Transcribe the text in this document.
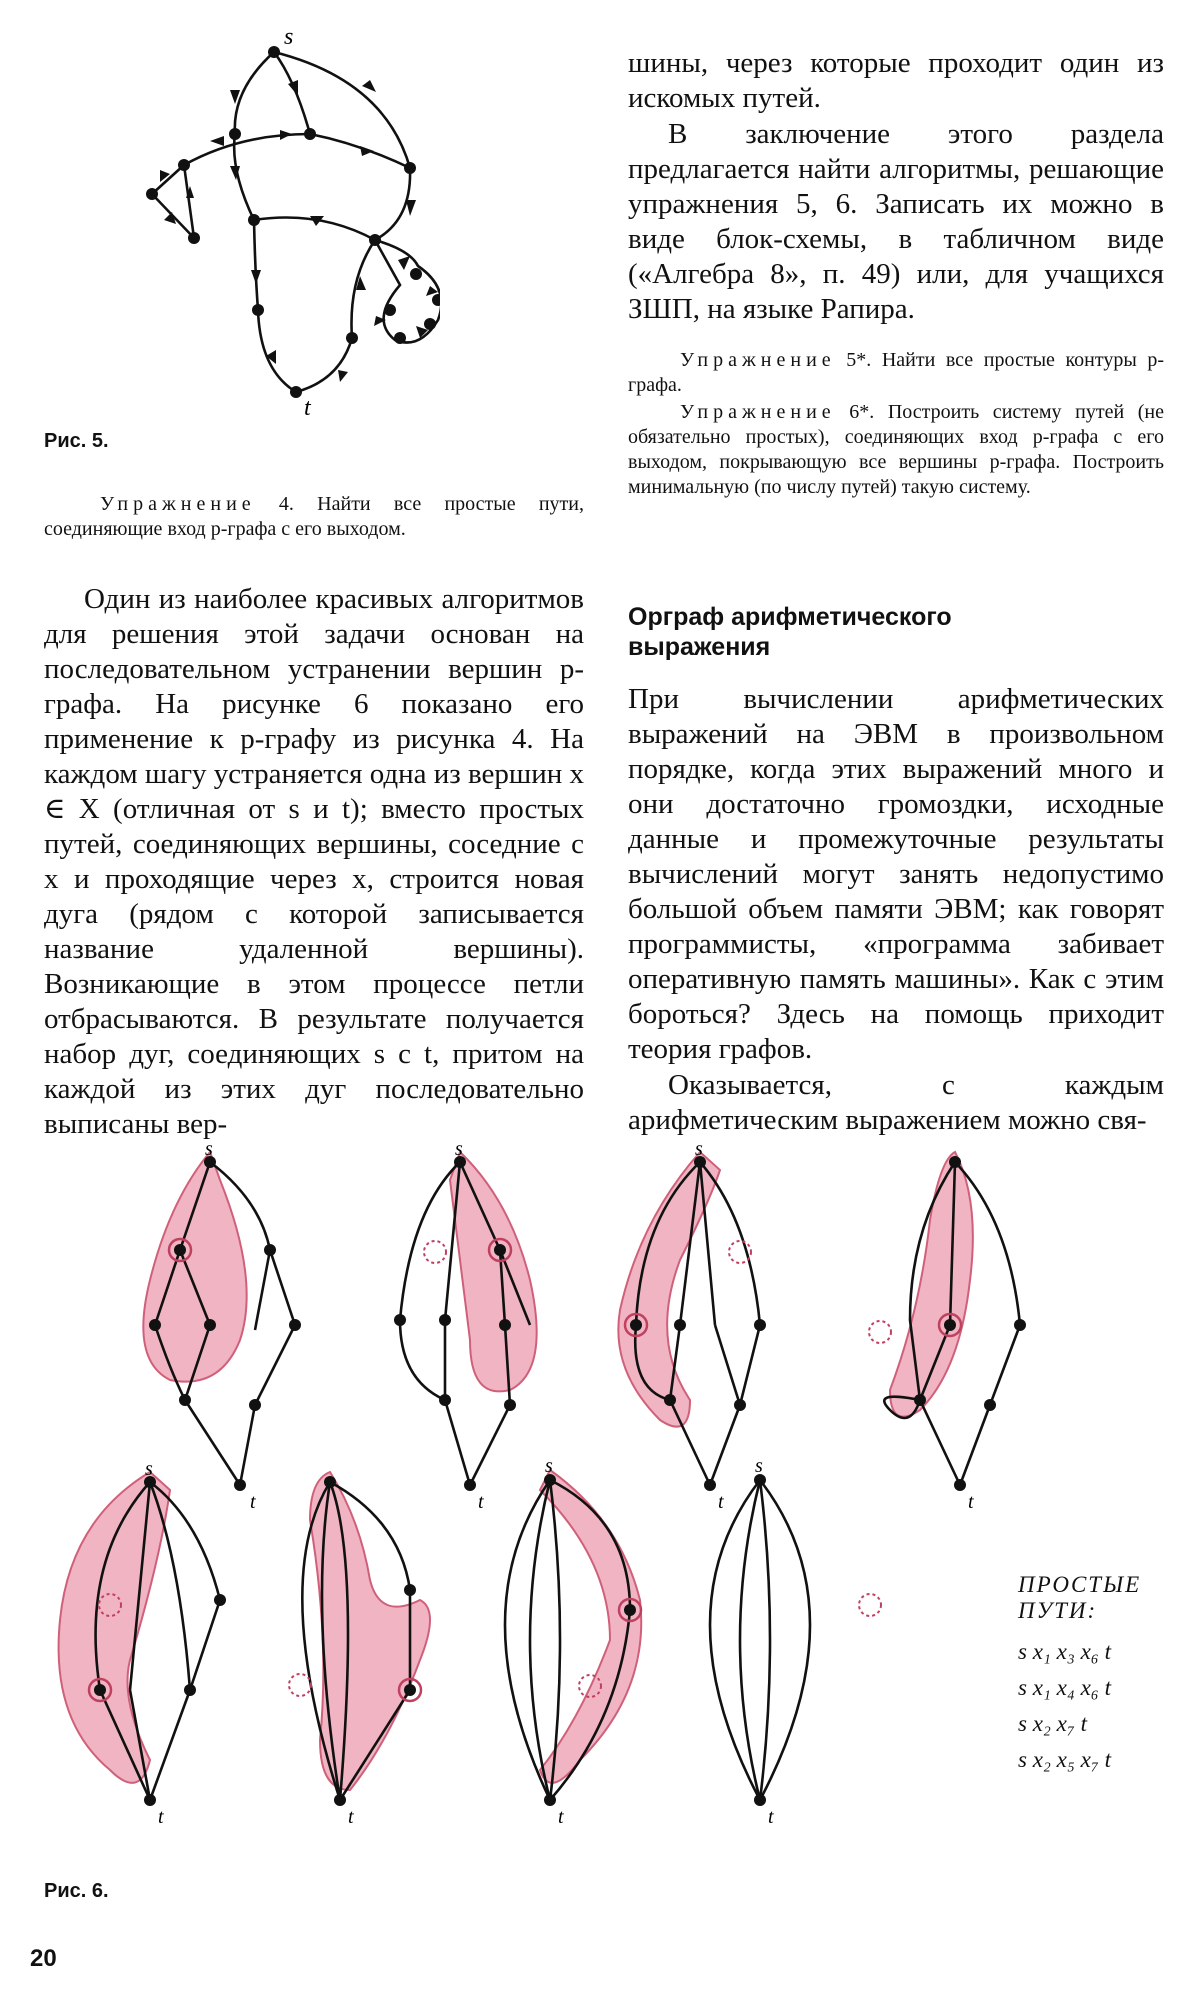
s
t
Рис. 5.
Упражнение 4. Найти все простые пути, соединяющие вход p-графа с его выходом.
Один из наиболее красивых алгоритмов для решения этой задачи основан на последовательном устранении вершин p-графа. На рисунке 6 показано его применение к p-графу из рисунка 4. На каждом шагу устраняется одна из вершин x ∈ X (отличная от s и t); вместо простых путей, соединяющих вершины, соседние с x и проходящие через x, строится новая дуга (рядом с которой записывается название удаленной вершины). Возникающие в этом процессе петли отбрасываются. В результате получается набор дуг, соединяющих s с t, притом на каждой из этих дуг последовательно выписаны вер-
шины, через которые проходит один из искомых путей.
В заключение этого раздела предлагается найти алгоритмы, решающие упражнения 5, 6. Записать их можно в виде блок-схемы, в табличном виде («Алгебра 8», п. 49) или, для учащихся ЗШП, на языке Рапира.
Упражнение 5*. Найти все простые контуры p-графа.
Упражнение 6*. Построить систему путей (не обязательно простых), соединяющих вход p-графа с его выходом, покрывающую все вершины p-графа. Построить минимальную (по числу путей) такую систему.
Орграф арифметического выражения
При вычислении арифметических выражений на ЭВМ в произвольном порядке, когда этих выражений много и они достаточно громоздки, исходные данные и промежуточные результаты вычислений могут занять недопустимо большой объем памяти ЭВМ; как говорят программисты, «программа забивает оперативную память машины». Как с этим бороться? Здесь на помощь приходит теория графов.
Оказывается, с каждым арифметическим выражением можно свя-
s
t
s
t
s
t	t
s
t	t
s
t
s
t
ПРОСТЫЕ ПУТИ:
s x₁ x₃ x₆ t
s x₁ x₄ x₆ t
s x₂ x₇ t
s x₂ x₅ x₇ t
Рис. 6.
20
